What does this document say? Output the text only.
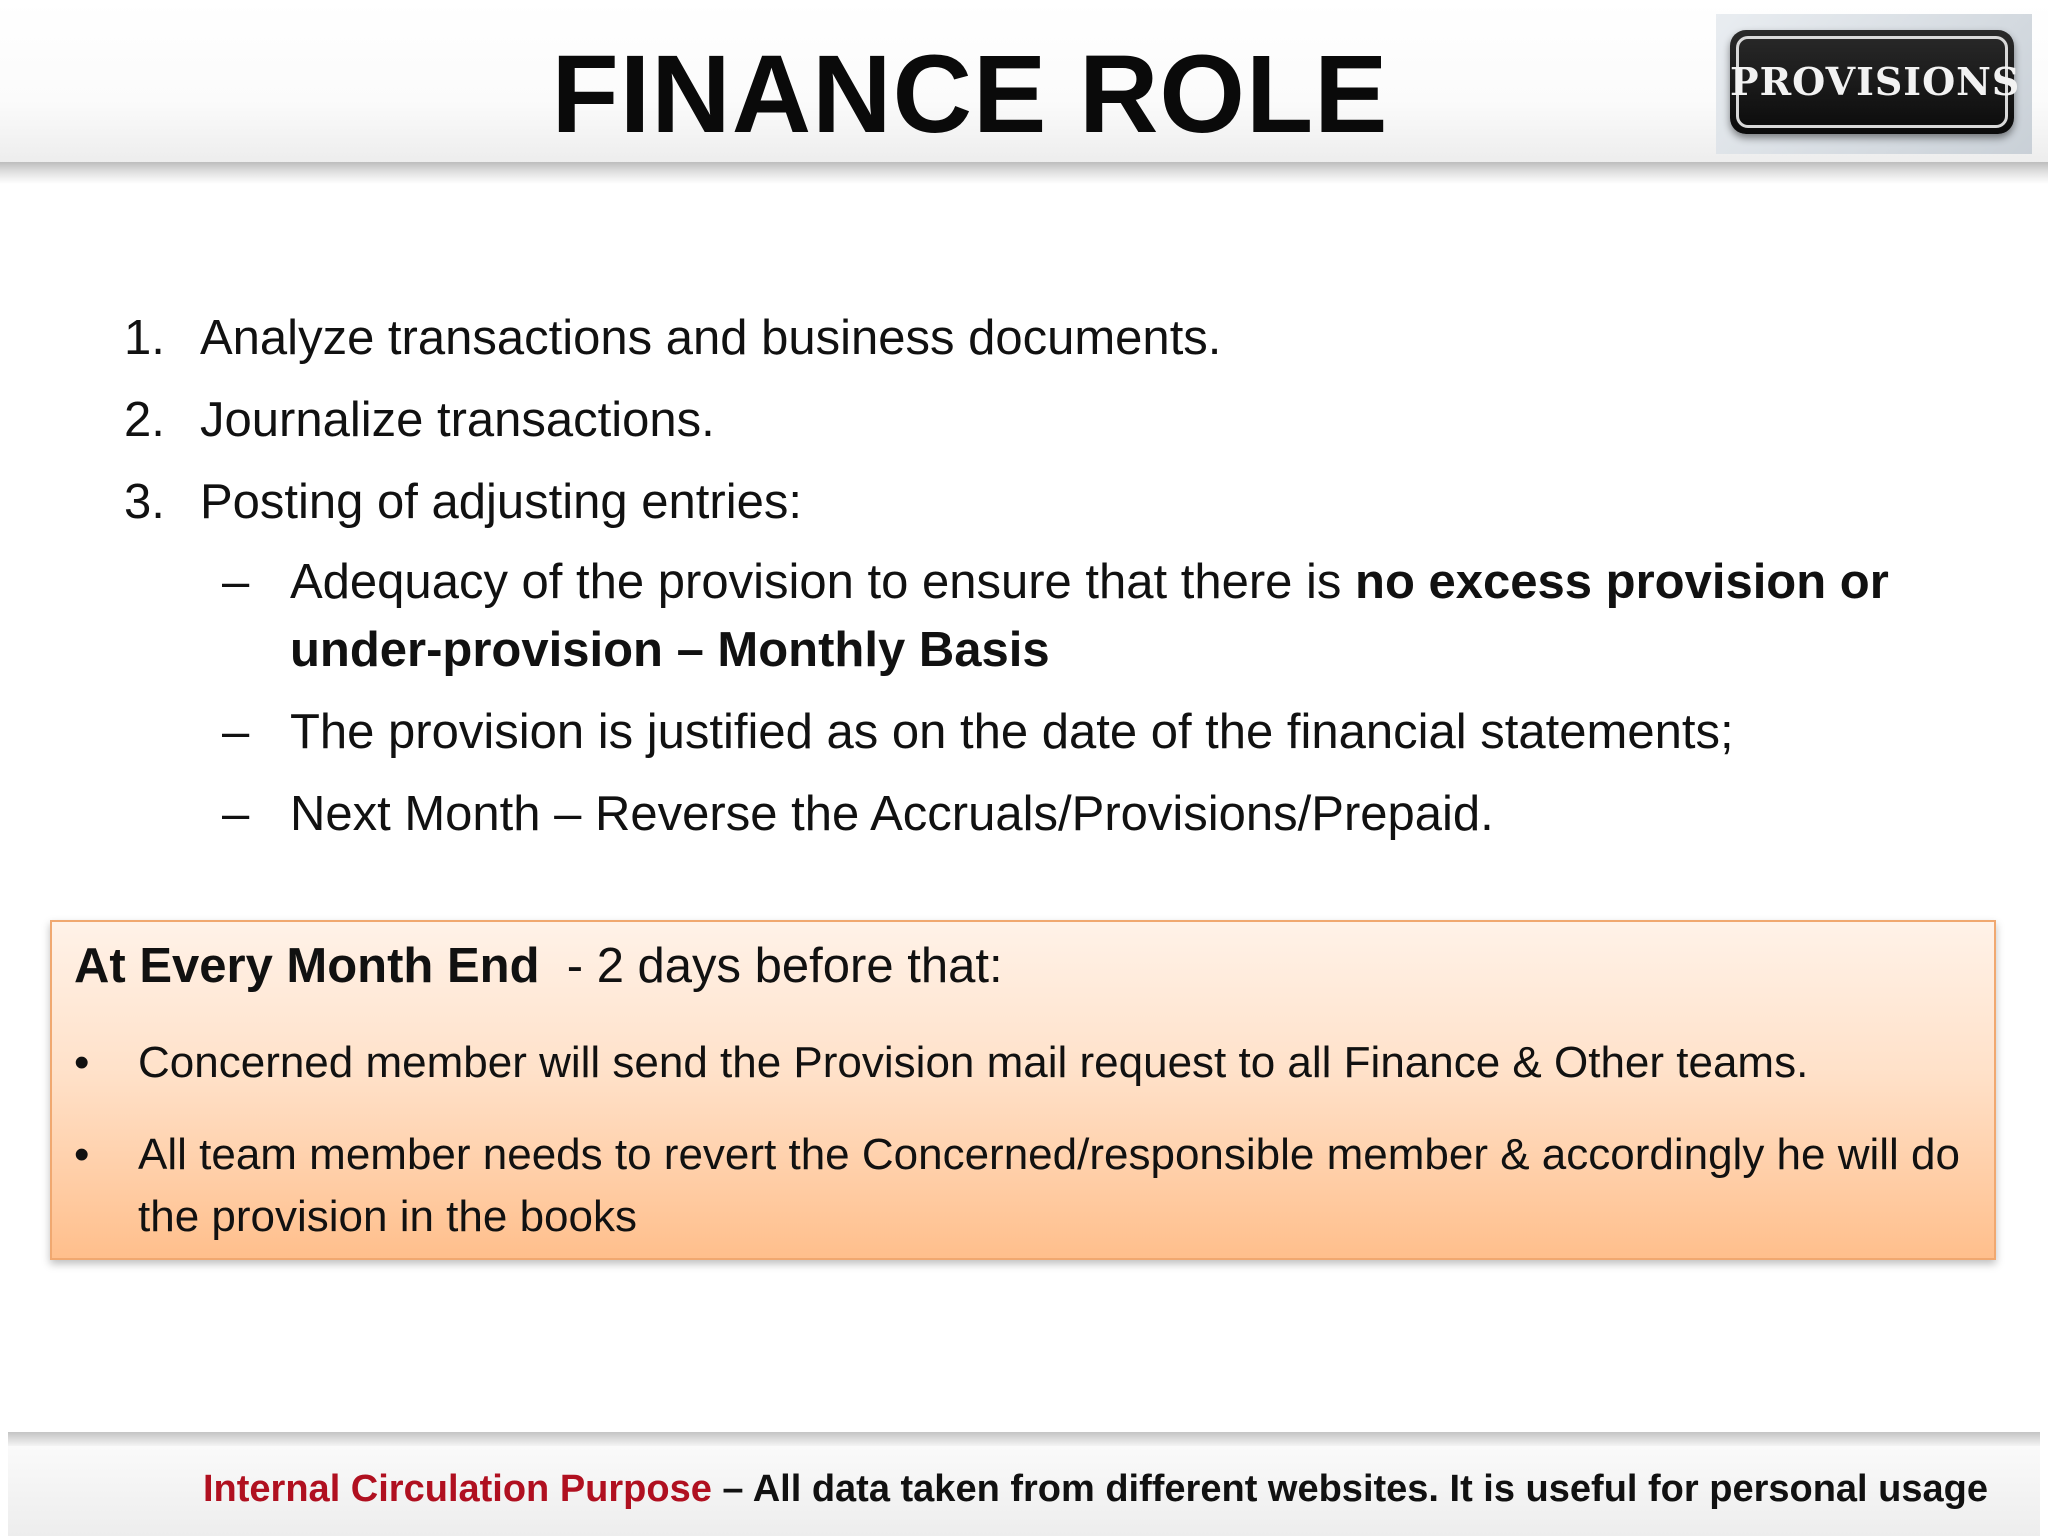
FINANCE ROLE	PROVISIONS
1. Analyze transactions and business documents.
2. Journalize transactions.
3. Posting of adjusting entries:
– Adequacy of the provision to ensure that there is no excess provision or
under-provision – Monthly Basis
– The provision is justified as on the date of the financial statements;
– Next Month – Reverse the Accruals/Provisions/Prepaid.
At Every Month End  - 2 days before that:
•	Concerned member will send the Provision mail request to all Finance & Other teams.
•	All team member needs to revert the Concerned/responsible member & accordingly he will do the provision in the books
Internal Circulation Purpose – All data taken from different websites. It is useful for personal usage
